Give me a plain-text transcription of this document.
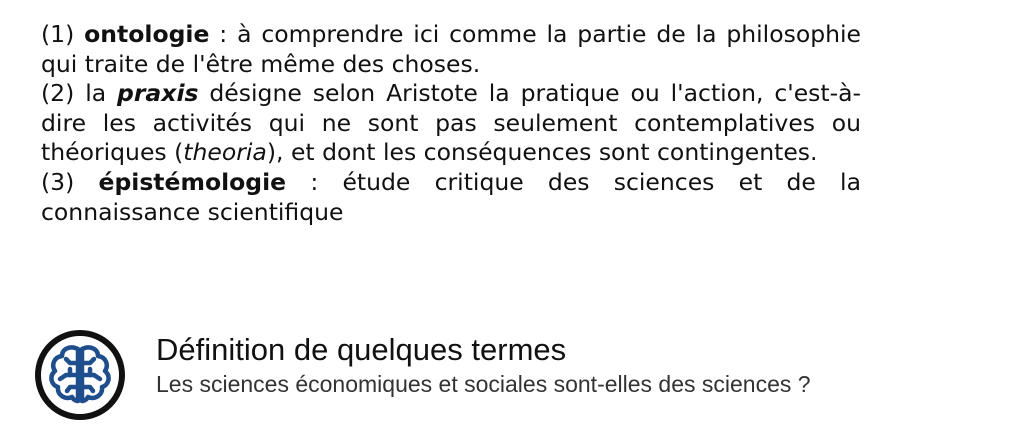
(1) ontologie : à comprendre ici comme la partie de la philosophie qui traite de l'être même des choses.

(2) la praxis désigne selon Aristote la pratique ou l'action, c'est-à-dire les activités qui ne sont pas seulement contemplatives ou théoriques (theoria), et dont les conséquences sont contingentes.

(3) épistémologie : étude critique des sciences et de la connaissance scientifique

Définition de quelques termes
Les sciences économiques et sociales sont-elles des sciences ?
